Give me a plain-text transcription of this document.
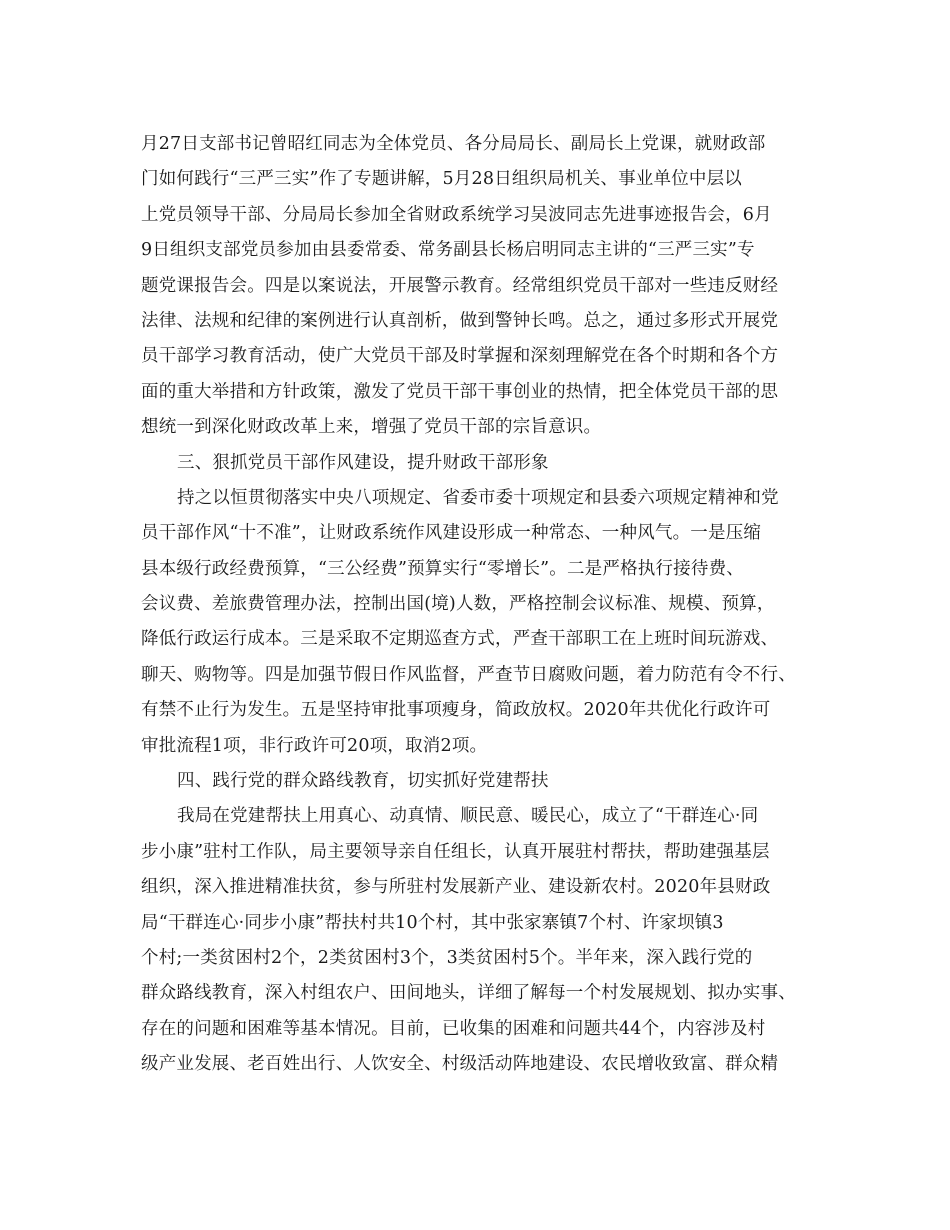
月27日支部书记曾昭红同志为全体党员、各分局局长、副局长上党课，就财政部
门如何践行“三严三实”作了专题讲解，5月28日组织局机关、事业单位中层以
上党员领导干部、分局局长参加全省财政系统学习吴波同志先进事迹报告会，6月
9日组织支部党员参加由县委常委、常务副县长杨启明同志主讲的“三严三实”专
题党课报告会。四是以案说法，开展警示教育。经常组织党员干部对一些违反财经
法律、法规和纪律的案例进行认真剖析，做到警钟长鸣。总之，通过多形式开展党
员干部学习教育活动，使广大党员干部及时掌握和深刻理解党在各个时期和各个方
面的重大举措和方针政策，激发了党员干部干事创业的热情，把全体党员干部的思
想统一到深化财政改革上来，增强了党员干部的宗旨意识。
三、狠抓党员干部作风建设，提升财政干部形象
持之以恒贯彻落实中央八项规定、省委市委十项规定和县委六项规定精神和党
员干部作风“十不准”，让财政系统作风建设形成一种常态、一种风气。一是压缩
县本级行政经费预算，“三公经费”预算实行“零增长”。二是严格执行接待费、
会议费、差旅费管理办法，控制出国(境)人数，严格控制会议标准、规模、预算，
降低行政运行成本。三是采取不定期巡查方式，严查干部职工在上班时间玩游戏、
聊天、购物等。四是加强节假日作风监督，严查节日腐败问题，着力防范有令不行、
有禁不止行为发生。五是坚持审批事项瘦身，简政放权。2020年共优化行政许可
审批流程1项，非行政许可20项，取消2项。
四、践行党的群众路线教育，切实抓好党建帮扶
我局在党建帮扶上用真心、动真情、顺民意、暖民心，成立了“干群连心·同
步小康”驻村工作队，局主要领导亲自任组长，认真开展驻村帮扶，帮助建强基层
组织，深入推进精准扶贫，参与所驻村发展新产业、建设新农村。2020年县财政
局“干群连心·同步小康”帮扶村共10个村，其中张家寨镇7个村、许家坝镇3
个村;一类贫困村2个，2类贫困村3个，3类贫困村5个。半年来，深入践行党的
群众路线教育，深入村组农户、田间地头，详细了解每一个村发展规划、拟办实事、
存在的问题和困难等基本情况。目前，已收集的困难和问题共44个，内容涉及村
级产业发展、老百姓出行、人饮安全、村级活动阵地建设、农民增收致富、群众精
